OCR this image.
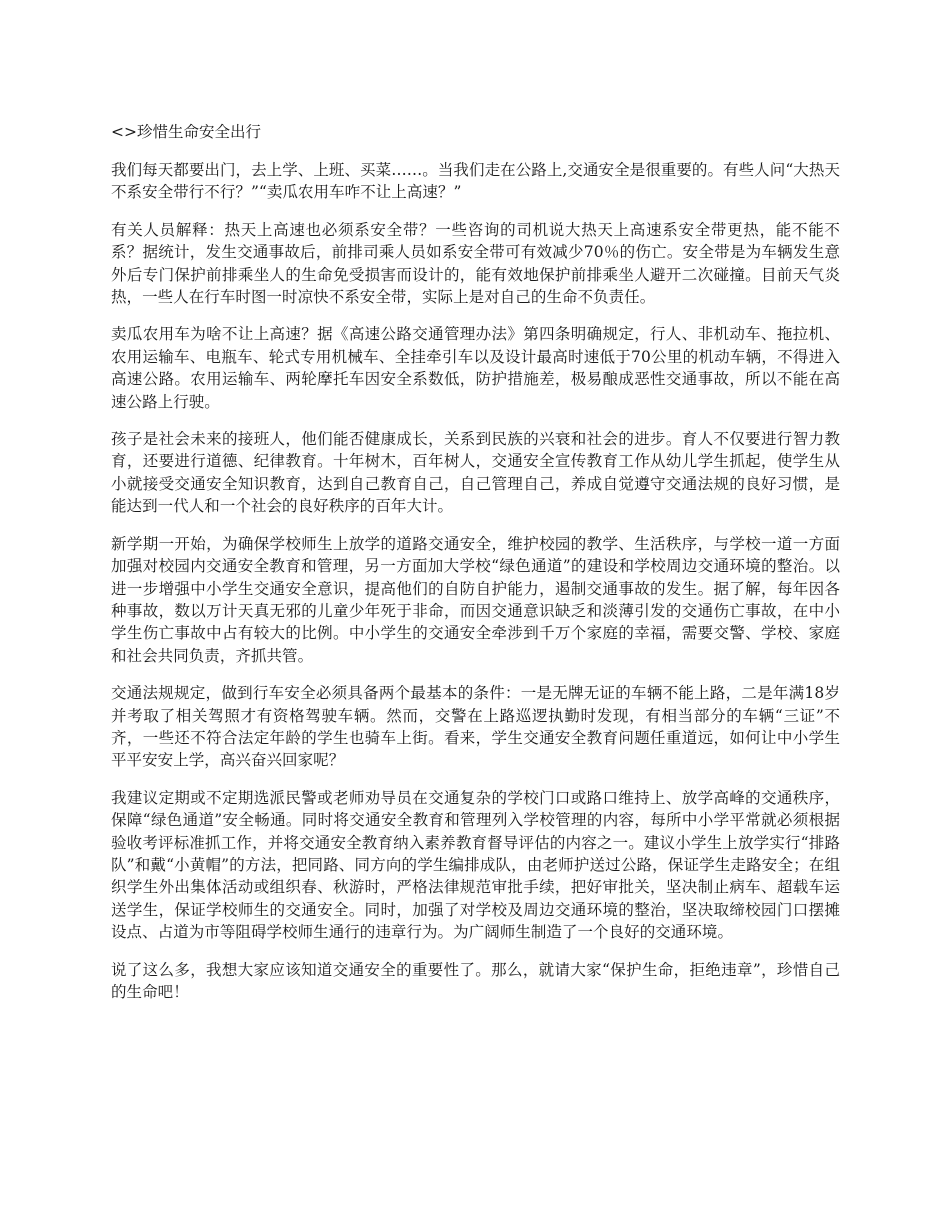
<>珍惜生命安全出行

我们每天都要出门，去上学、上班、买菜……。当我们走在公路上,交通安全是很重要的。有些人问“大热天不系安全带行不行？”“卖瓜农用车咋不让上高速？”

有关人员解释：热天上高速也必须系安全带？一些咨询的司机说大热天上高速系安全带更热，能不能不系？据统计，发生交通事故后，前排司乘人员如系安全带可有效减少70％的伤亡。安全带是为车辆发生意外后专门保护前排乘坐人的生命免受损害而设计的，能有效地保护前排乘坐人避开二次碰撞。目前天气炎热，一些人在行车时图一时凉快不系安全带，实际上是对自己的生命不负责任。

卖瓜农用车为啥不让上高速？据《高速公路交通管理办法》第四条明确规定，行人、非机动车、拖拉机、农用运输车、电瓶车、轮式专用机械车、全挂牵引车以及设计最高时速低于70公里的机动车辆，不得进入高速公路。农用运输车、两轮摩托车因安全系数低，防护措施差，极易酿成恶性交通事故，所以不能在高速公路上行驶。

孩子是社会未来的接班人，他们能否健康成长，关系到民族的兴衰和社会的进步。育人不仅要进行智力教育，还要进行道德、纪律教育。十年树木，百年树人，交通安全宣传教育工作从幼儿学生抓起，使学生从小就接受交通安全知识教育，达到自己教育自己，自己管理自己，养成自觉遵守交通法规的良好习惯，是能达到一代人和一个社会的良好秩序的百年大计。

新学期一开始，为确保学校师生上放学的道路交通安全，维护校园的教学、生活秩序，与学校一道一方面加强对校园内交通安全教育和管理，另一方面加大学校“绿色通道”的建设和学校周边交通环境的整治。以进一步增强中小学生交通安全意识，提高他们的自防自护能力，遏制交通事故的发生。据了解，每年因各种事故，数以万计天真无邪的儿童少年死于非命，而因交通意识缺乏和淡薄引发的交通伤亡事故，在中小学生伤亡事故中占有较大的比例。中小学生的交通安全牵涉到千万个家庭的幸福，需要交警、学校、家庭和社会共同负责，齐抓共管。

交通法规规定，做到行车安全必须具备两个最基本的条件：一是无牌无证的车辆不能上路，二是年满18岁并考取了相关驾照才有资格驾驶车辆。然而，交警在上路巡逻执勤时发现，有相当部分的车辆“三证”不齐，一些还不符合法定年龄的学生也骑车上街。看来，学生交通安全教育问题任重道远，如何让中小学生平平安安上学，高兴奋兴回家呢？

我建议定期或不定期选派民警或老师劝导员在交通复杂的学校门口或路口维持上、放学高峰的交通秩序，保障“绿色通道”安全畅通。同时将交通安全教育和管理列入学校管理的内容，每所中小学平常就必须根据验收考评标准抓工作，并将交通安全教育纳入素养教育督导评估的内容之一。建议小学生上放学实行“排路队”和戴“小黄帽”的方法，把同路、同方向的学生编排成队，由老师护送过公路，保证学生走路安全；在组织学生外出集体活动或组织春、秋游时，严格法律规范审批手续，把好审批关，坚决制止病车、超载车运送学生，保证学校师生的交通安全。同时，加强了对学校及周边交通环境的整治，坚决取缔校园门口摆摊设点、占道为市等阻碍学校师生通行的违章行为。为广阔师生制造了一个良好的交通环境。

说了这么多，我想大家应该知道交通安全的重要性了。那么，就请大家“保护生命，拒绝违章”，珍惜自己的生命吧！
